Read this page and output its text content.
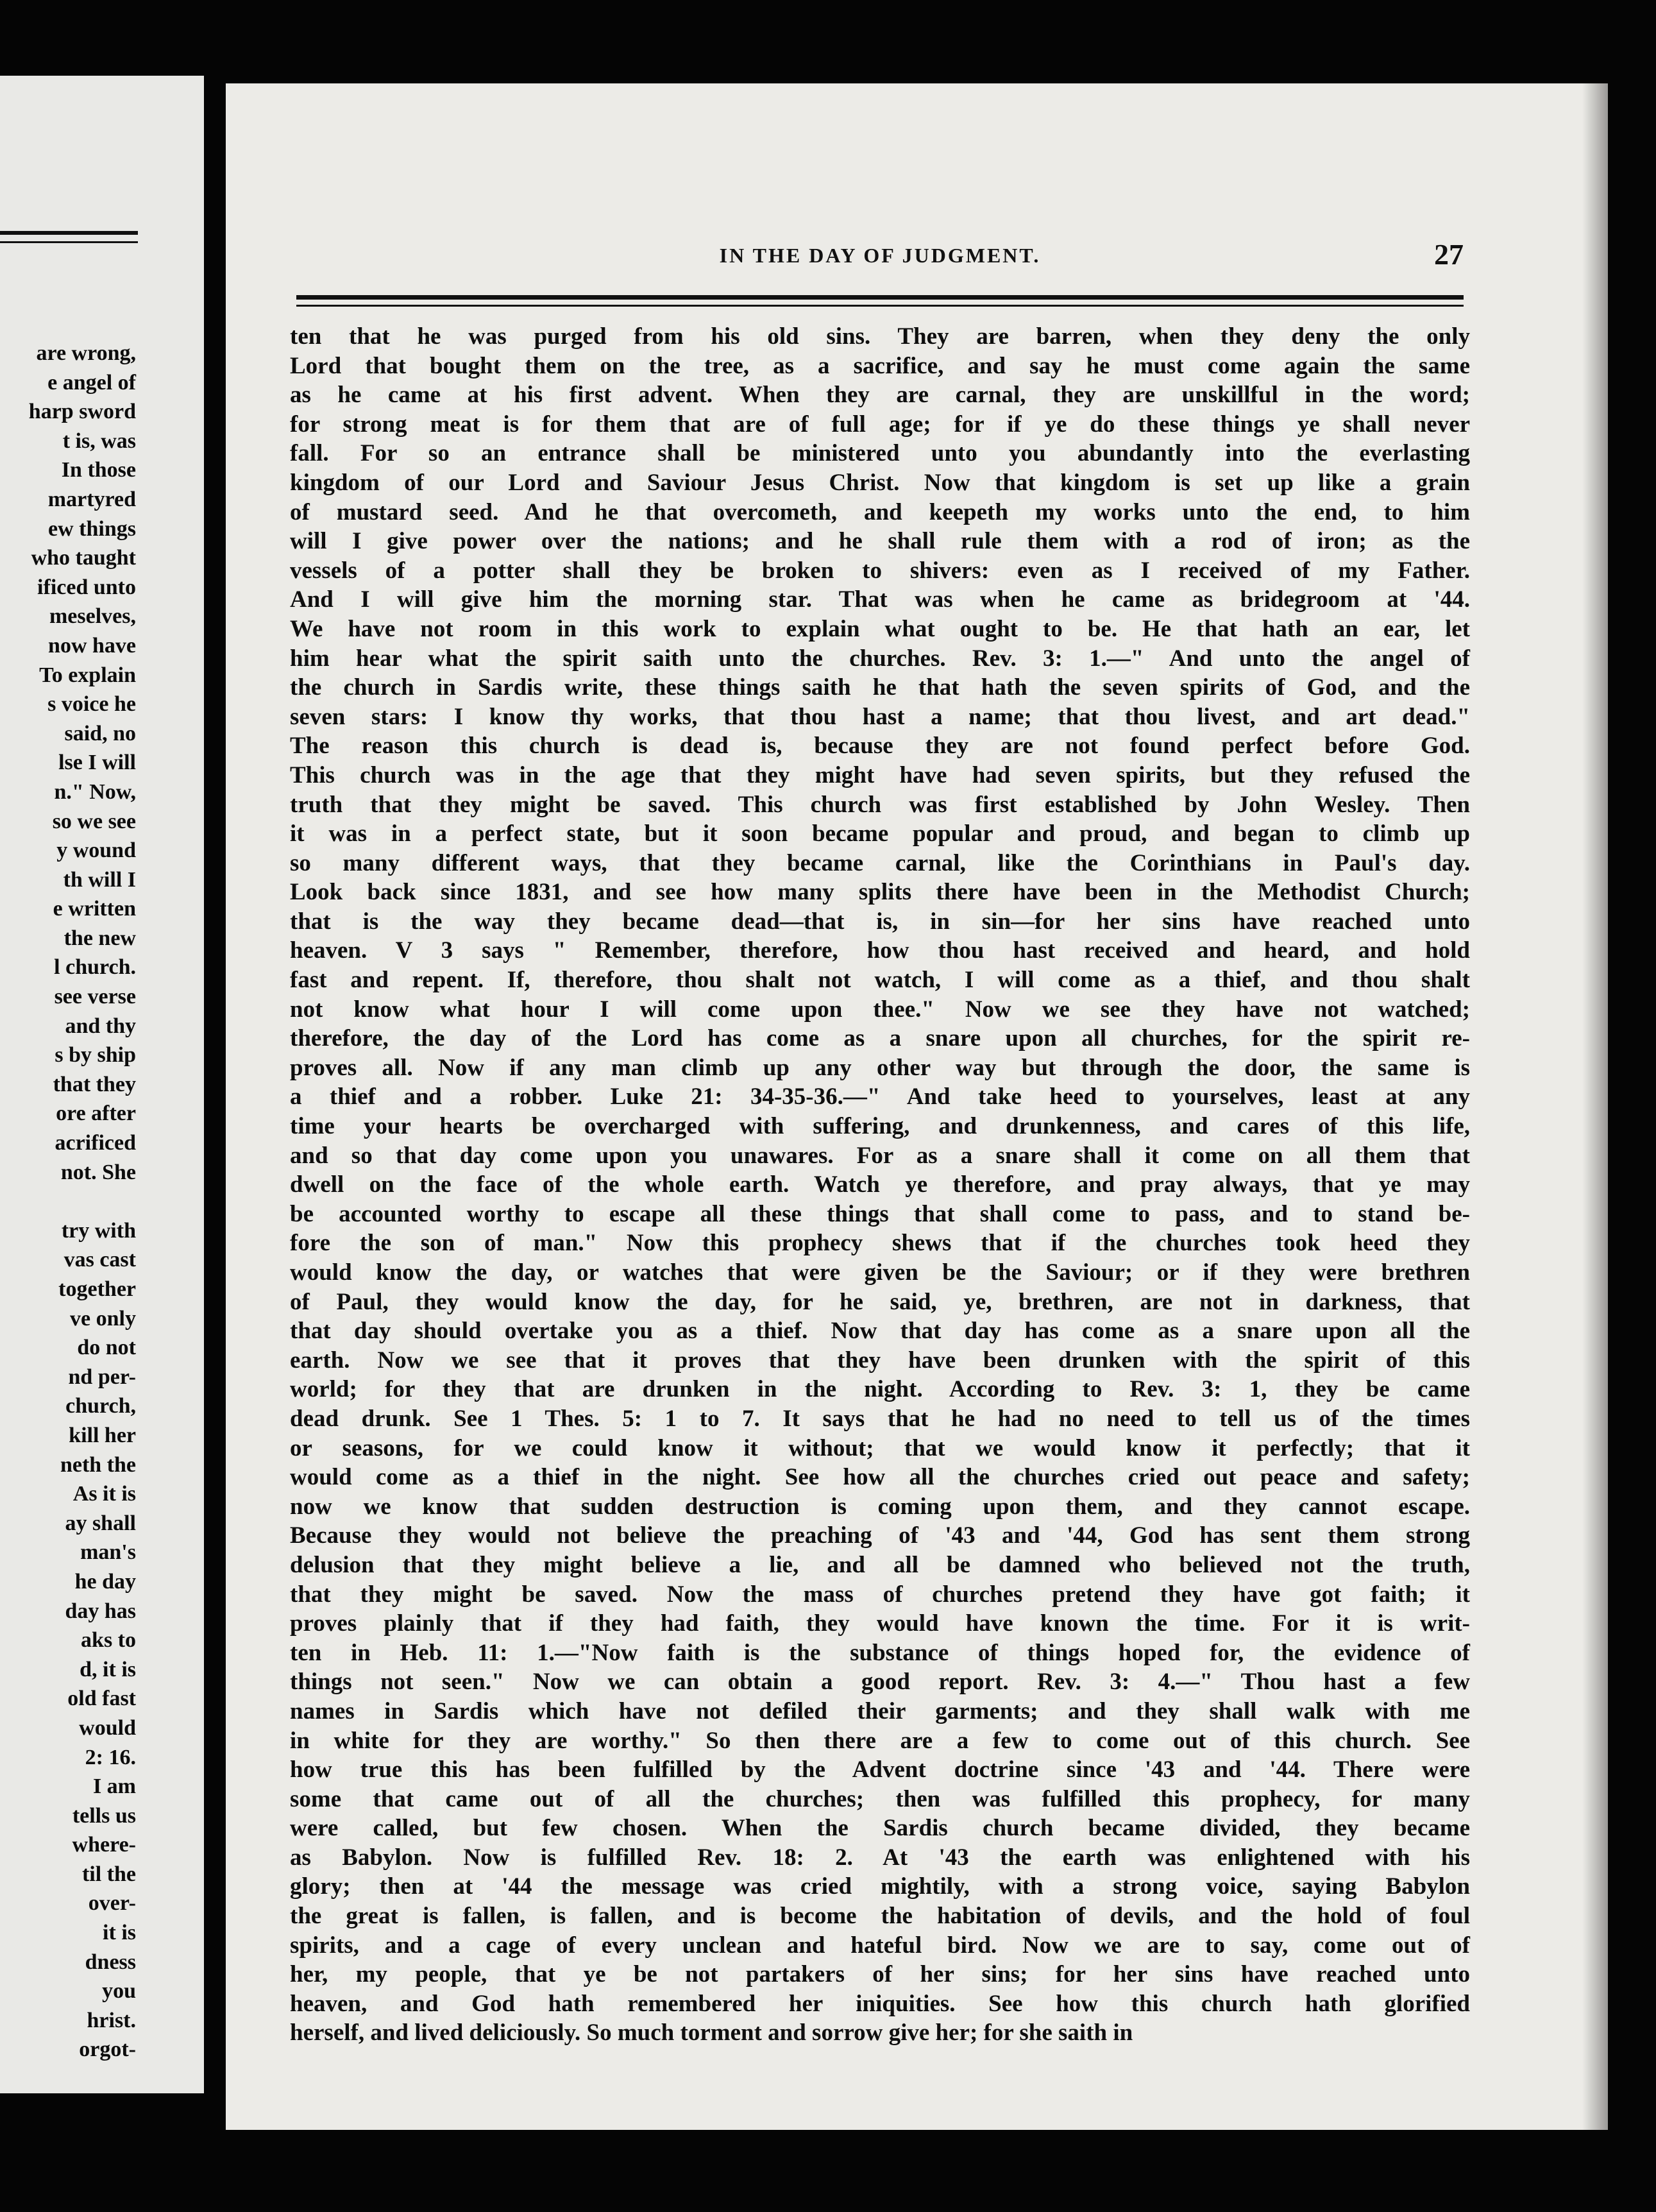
are wrong,
e angel of
harp sword
t is, was
In those
martyred
ew things
who taught
ificed unto
meselves,
now have
To explain
s voice he
said, no
lse I will
n." Now,
so we see
y wound
th will I
e written
the new
l church.
see verse
and thy
s by ship
that they
ore after
acrificed
not. She
try with
vas cast
together
ve only
do not
nd per-
church,
kill her
neth the
As it is
ay shall
man's
he day
day has
aks to
d, it is
old fast
would
2: 16.
I am
tells us
where-
til the
over-
it is
dness
you
hrist.
orgot-
IN THE DAY OF JUDGMENT.	27
ten that he was purged from his old sins. They are barren, when they deny the only
Lord that bought them on the tree, as a sacrifice, and say he must come again the same
as he came at his first advent. When they are carnal, they are unskillful in the word;
for strong meat is for them that are of full age; for if ye do these things ye shall never
fall. For so an entrance shall be ministered unto you abundantly into the everlasting
kingdom of our Lord and Saviour Jesus Christ. Now that kingdom is set up like a grain
of mustard seed. And he that overcometh, and keepeth my works unto the end, to him
will I give power over the nations; and he shall rule them with a rod of iron; as the
vessels of a potter shall they be broken to shivers: even as I received of my Father.
And I will give him the morning star. That was when he came as bridegroom at '44.
We have not room in this work to explain what ought to be. He that hath an ear, let
him hear what the spirit saith unto the churches. Rev. 3: 1.—" And unto the angel of
the church in Sardis write, these things saith he that hath the seven spirits of God, and the
seven stars: I know thy works, that thou hast a name; that thou livest, and art dead."
The reason this church is dead is, because they are not found perfect before God.
This church was in the age that they might have had seven spirits, but they refused the
truth that they might be saved. This church was first established by John Wesley. Then
it was in a perfect state, but it soon became popular and proud, and began to climb up
so many different ways, that they became carnal, like the Corinthians in Paul's day.
Look back since 1831, and see how many splits there have been in the Methodist Church;
that is the way they became dead—that is, in sin—for her sins have reached unto
heaven. V 3 says " Remember, therefore, how thou hast received and heard, and hold
fast and repent. If, therefore, thou shalt not watch, I will come as a thief, and thou shalt
not know what hour I will come upon thee." Now we see they have not watched;
therefore, the day of the Lord has come as a snare upon all churches, for the spirit re-
proves all. Now if any man climb up any other way but through the door, the same is
a thief and a robber. Luke 21: 34-35-36.—" And take heed to yourselves, least at any
time your hearts be overcharged with suffering, and drunkenness, and cares of this life,
and so that day come upon you unawares. For as a snare shall it come on all them that
dwell on the face of the whole earth. Watch ye therefore, and pray always, that ye may
be accounted worthy to escape all these things that shall come to pass, and to stand be-
fore the son of man." Now this prophecy shews that if the churches took heed they
would know the day, or watches that were given be the Saviour; or if they were brethren
of Paul, they would know the day, for he said, ye, brethren, are not in darkness, that
that day should overtake you as a thief. Now that day has come as a snare upon all the
earth. Now we see that it proves that they have been drunken with the spirit of this
world; for they that are drunken in the night. According to Rev. 3: 1, they be came
dead drunk. See 1 Thes. 5: 1 to 7. It says that he had no need to tell us of the times
or seasons, for we could know it without; that we would know it perfectly; that it
would come as a thief in the night. See how all the churches cried out peace and safety;
now we know that sudden destruction is coming upon them, and they cannot escape.
Because they would not believe the preaching of '43 and '44, God has sent them strong
delusion that they might believe a lie, and all be damned who believed not the truth,
that they might be saved. Now the mass of churches pretend they have got faith; it
proves plainly that if they had faith, they would have known the time. For it is writ-
ten in Heb. 11: 1.—"Now faith is the substance of things hoped for, the evidence of
things not seen." Now we can obtain a good report. Rev. 3: 4.—" Thou hast a few
names in Sardis which have not defiled their garments; and they shall walk with me
in white for they are worthy." So then there are a few to come out of this church. See
how true this has been fulfilled by the Advent doctrine since '43 and '44. There were
some that came out of all the churches; then was fulfilled this prophecy, for many
were called, but few chosen. When the Sardis church became divided, they became
as Babylon. Now is fulfilled Rev. 18: 2. At '43 the earth was enlightened with his
glory; then at '44 the message was cried mightily, with a strong voice, saying Babylon
the great is fallen, is fallen, and is become the habitation of devils, and the hold of foul
spirits, and a cage of every unclean and hateful bird. Now we are to say, come out of
her, my people, that ye be not partakers of her sins; for her sins have reached unto
heaven, and God hath remembered her iniquities. See how this church hath glorified
herself, and lived deliciously. So much torment and sorrow give her; for she saith in
